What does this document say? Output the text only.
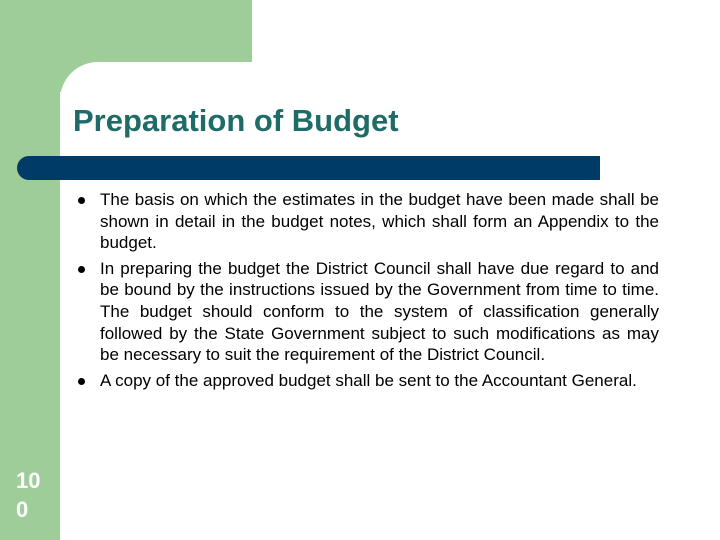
Preparation of Budget
The basis on which the estimates in the budget have been made shall be shown in detail in the budget notes, which shall form an Appendix to the budget.
In preparing the budget the District Council shall have due regard to and be bound by the instructions issued by the Government from time to time. The budget should conform to the system of classification generally followed by the State Government subject to such modifications as may be necessary to suit the requirement of the District Council.
A copy of the approved budget shall be sent to the Accountant General.
10
0
